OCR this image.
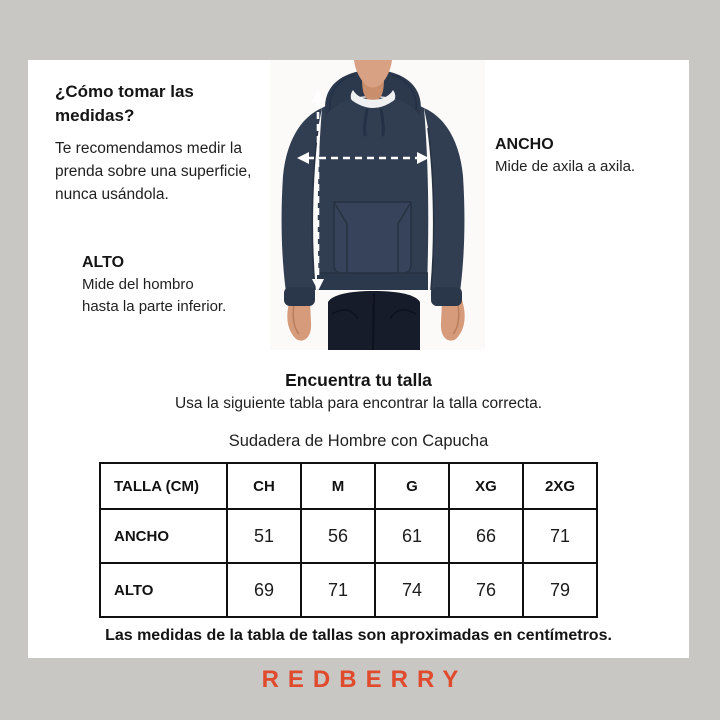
¿Cómo tomar las medidas?

Te recomendamos medir la prenda sobre una superficie, nunca usándola.

ANCHO
Mide de axila a axila.
ALTO
Mide del hombro hasta la parte inferior.
Encuentra tu talla
Usa la siguiente tabla para encontrar la talla correcta.
Sudadera de Hombre con Capucha
TALLA (CM)	CH	M	G	XG	2XG
ANCHO	51	56	61	66	71
ALTO	69	71	74	76	79
Las medidas de la tabla de tallas son aproximadas en centímetros.
REDBERRY
